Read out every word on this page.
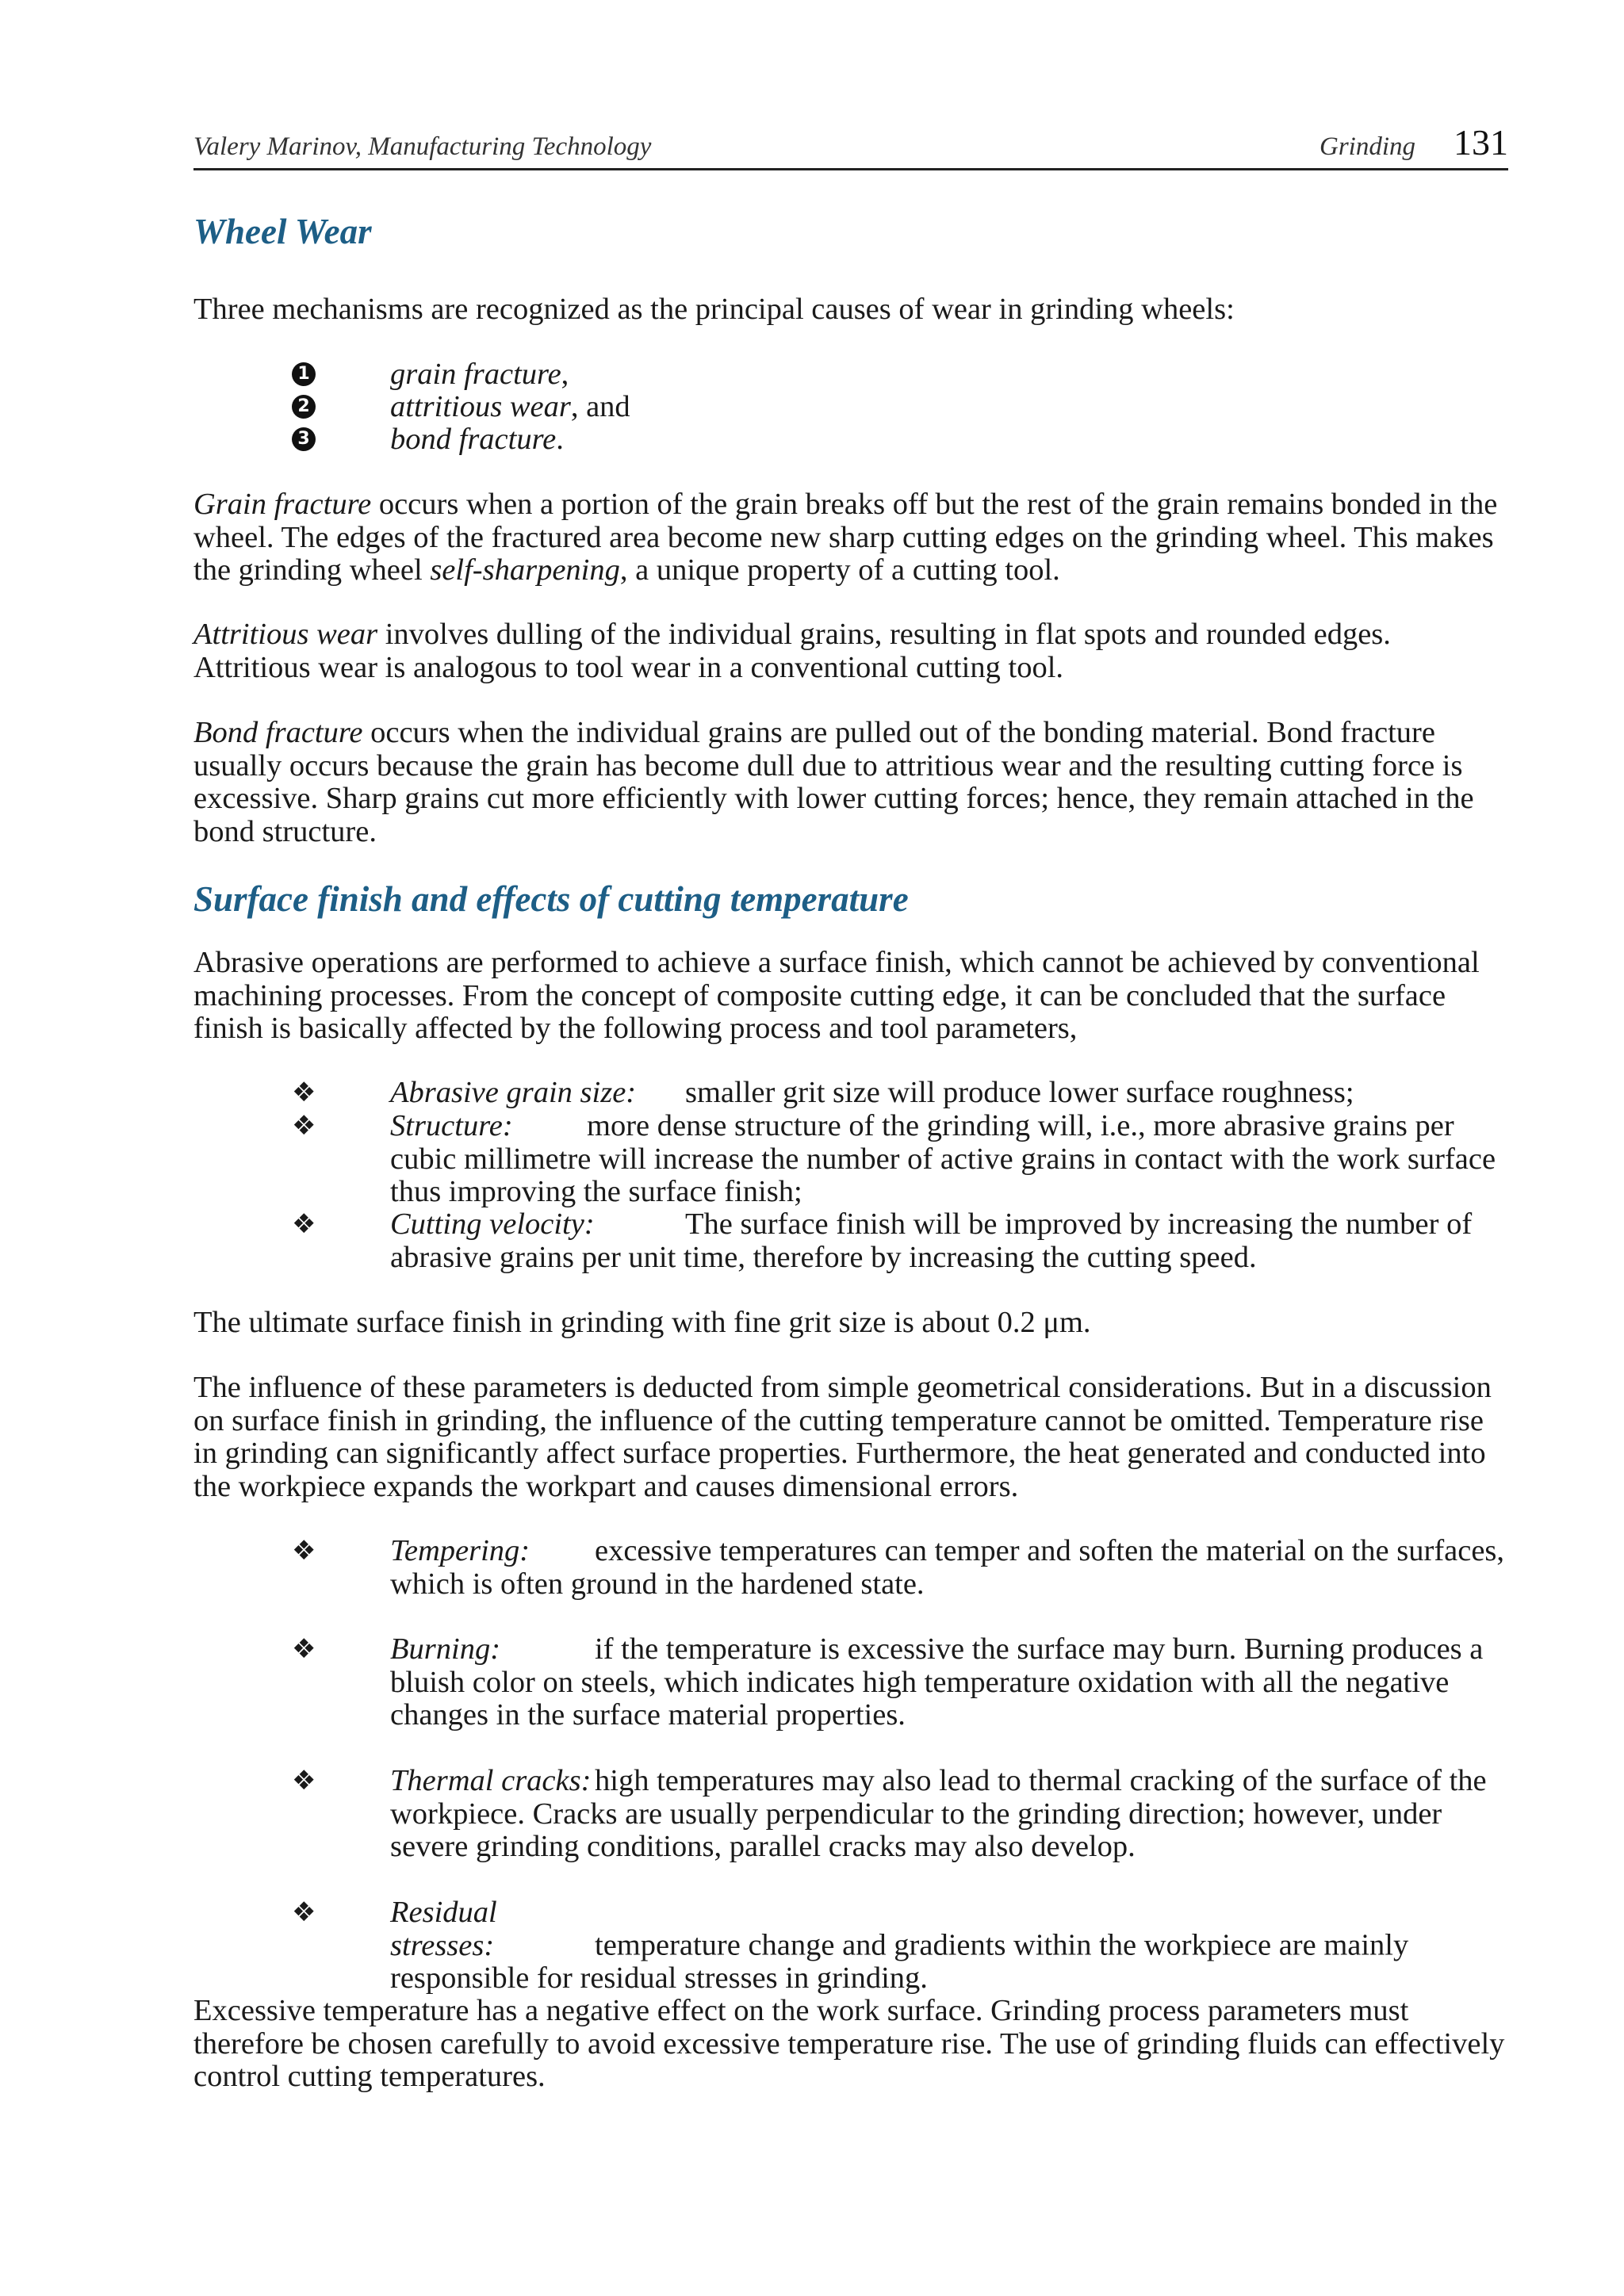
Valery Marinov, Manufacturing Technology	Grinding 131
Wheel Wear

Three mechanisms are recognized as the principal causes of wear in grinding wheels:

1	grain fracture,
2	attritious wear, and
3	bond fracture.

Grain fracture occurs when a portion of the grain breaks off but the rest of the grain remains bonded in the wheel. The edges of the fractured area become new sharp cutting edges on the grinding wheel. This makes the grinding wheel self-sharpening, a unique property of a cutting tool.

Attritious wear involves dulling of the individual grains, resulting in flat spots and rounded edges. Attritious wear is analogous to tool wear in a conventional cutting tool.

Bond fracture occurs when the individual grains are pulled out of the bonding material. Bond fracture usually occurs because the grain has become dull due to attritious wear and the resulting cutting force is excessive. Sharp grains cut more efficiently with lower cutting forces; hence, they remain attached in the bond structure.

Surface finish and effects of cutting temperature

Abrasive operations are performed to achieve a surface finish, which cannot be achieved by conventional machining processes. From the concept of composite cutting edge, it can be concluded that the surface finish is basically affected by the following process and tool parameters,

❖ Abrasive grain size: smaller grit size will produce lower surface roughness;

❖ Structure: more dense structure of the grinding will, i.e., more abrasive grains per cubic millimetre will increase the number of active grains in contact with the work surface thus improving the surface finish;

❖ Cutting velocity:	The surface finish will be improved by increasing the number of abrasive grains per unit time, therefore by increasing the cutting speed.

The ultimate surface finish in grinding with fine grit size is about 0.2 μm.

The influence of these parameters is deducted from simple geometrical considerations. But in a discussion on surface finish in grinding, the influence of the cutting temperature cannot be omitted. Temperature rise in grinding can significantly affect surface properties. Furthermore, the heat generated and conducted into the workpiece expands the workpart and causes dimensional errors.

❖ Tempering: excessive temperatures can temper and soften the material on the surfaces, which is often ground in the hardened state.

❖ Burning:	if the temperature is excessive the surface may burn. Burning produces a bluish color on steels, which indicates high temperature oxidation with all the negative changes in the surface material properties.

❖ Thermal cracks: high temperatures may also lead to thermal cracking of the surface of the workpiece. Cracks are usually perpendicular to the grinding direction; however, under severe grinding conditions, parallel cracks may also develop.

❖ Residual stresses:	temperature change and gradients within the workpiece are mainly responsible for residual stresses in grinding.

Excessive temperature has a negative effect on the work surface. Grinding process parameters must therefore be chosen carefully to avoid excessive temperature rise. The use of grinding fluids can effectively control cutting temperatures.
